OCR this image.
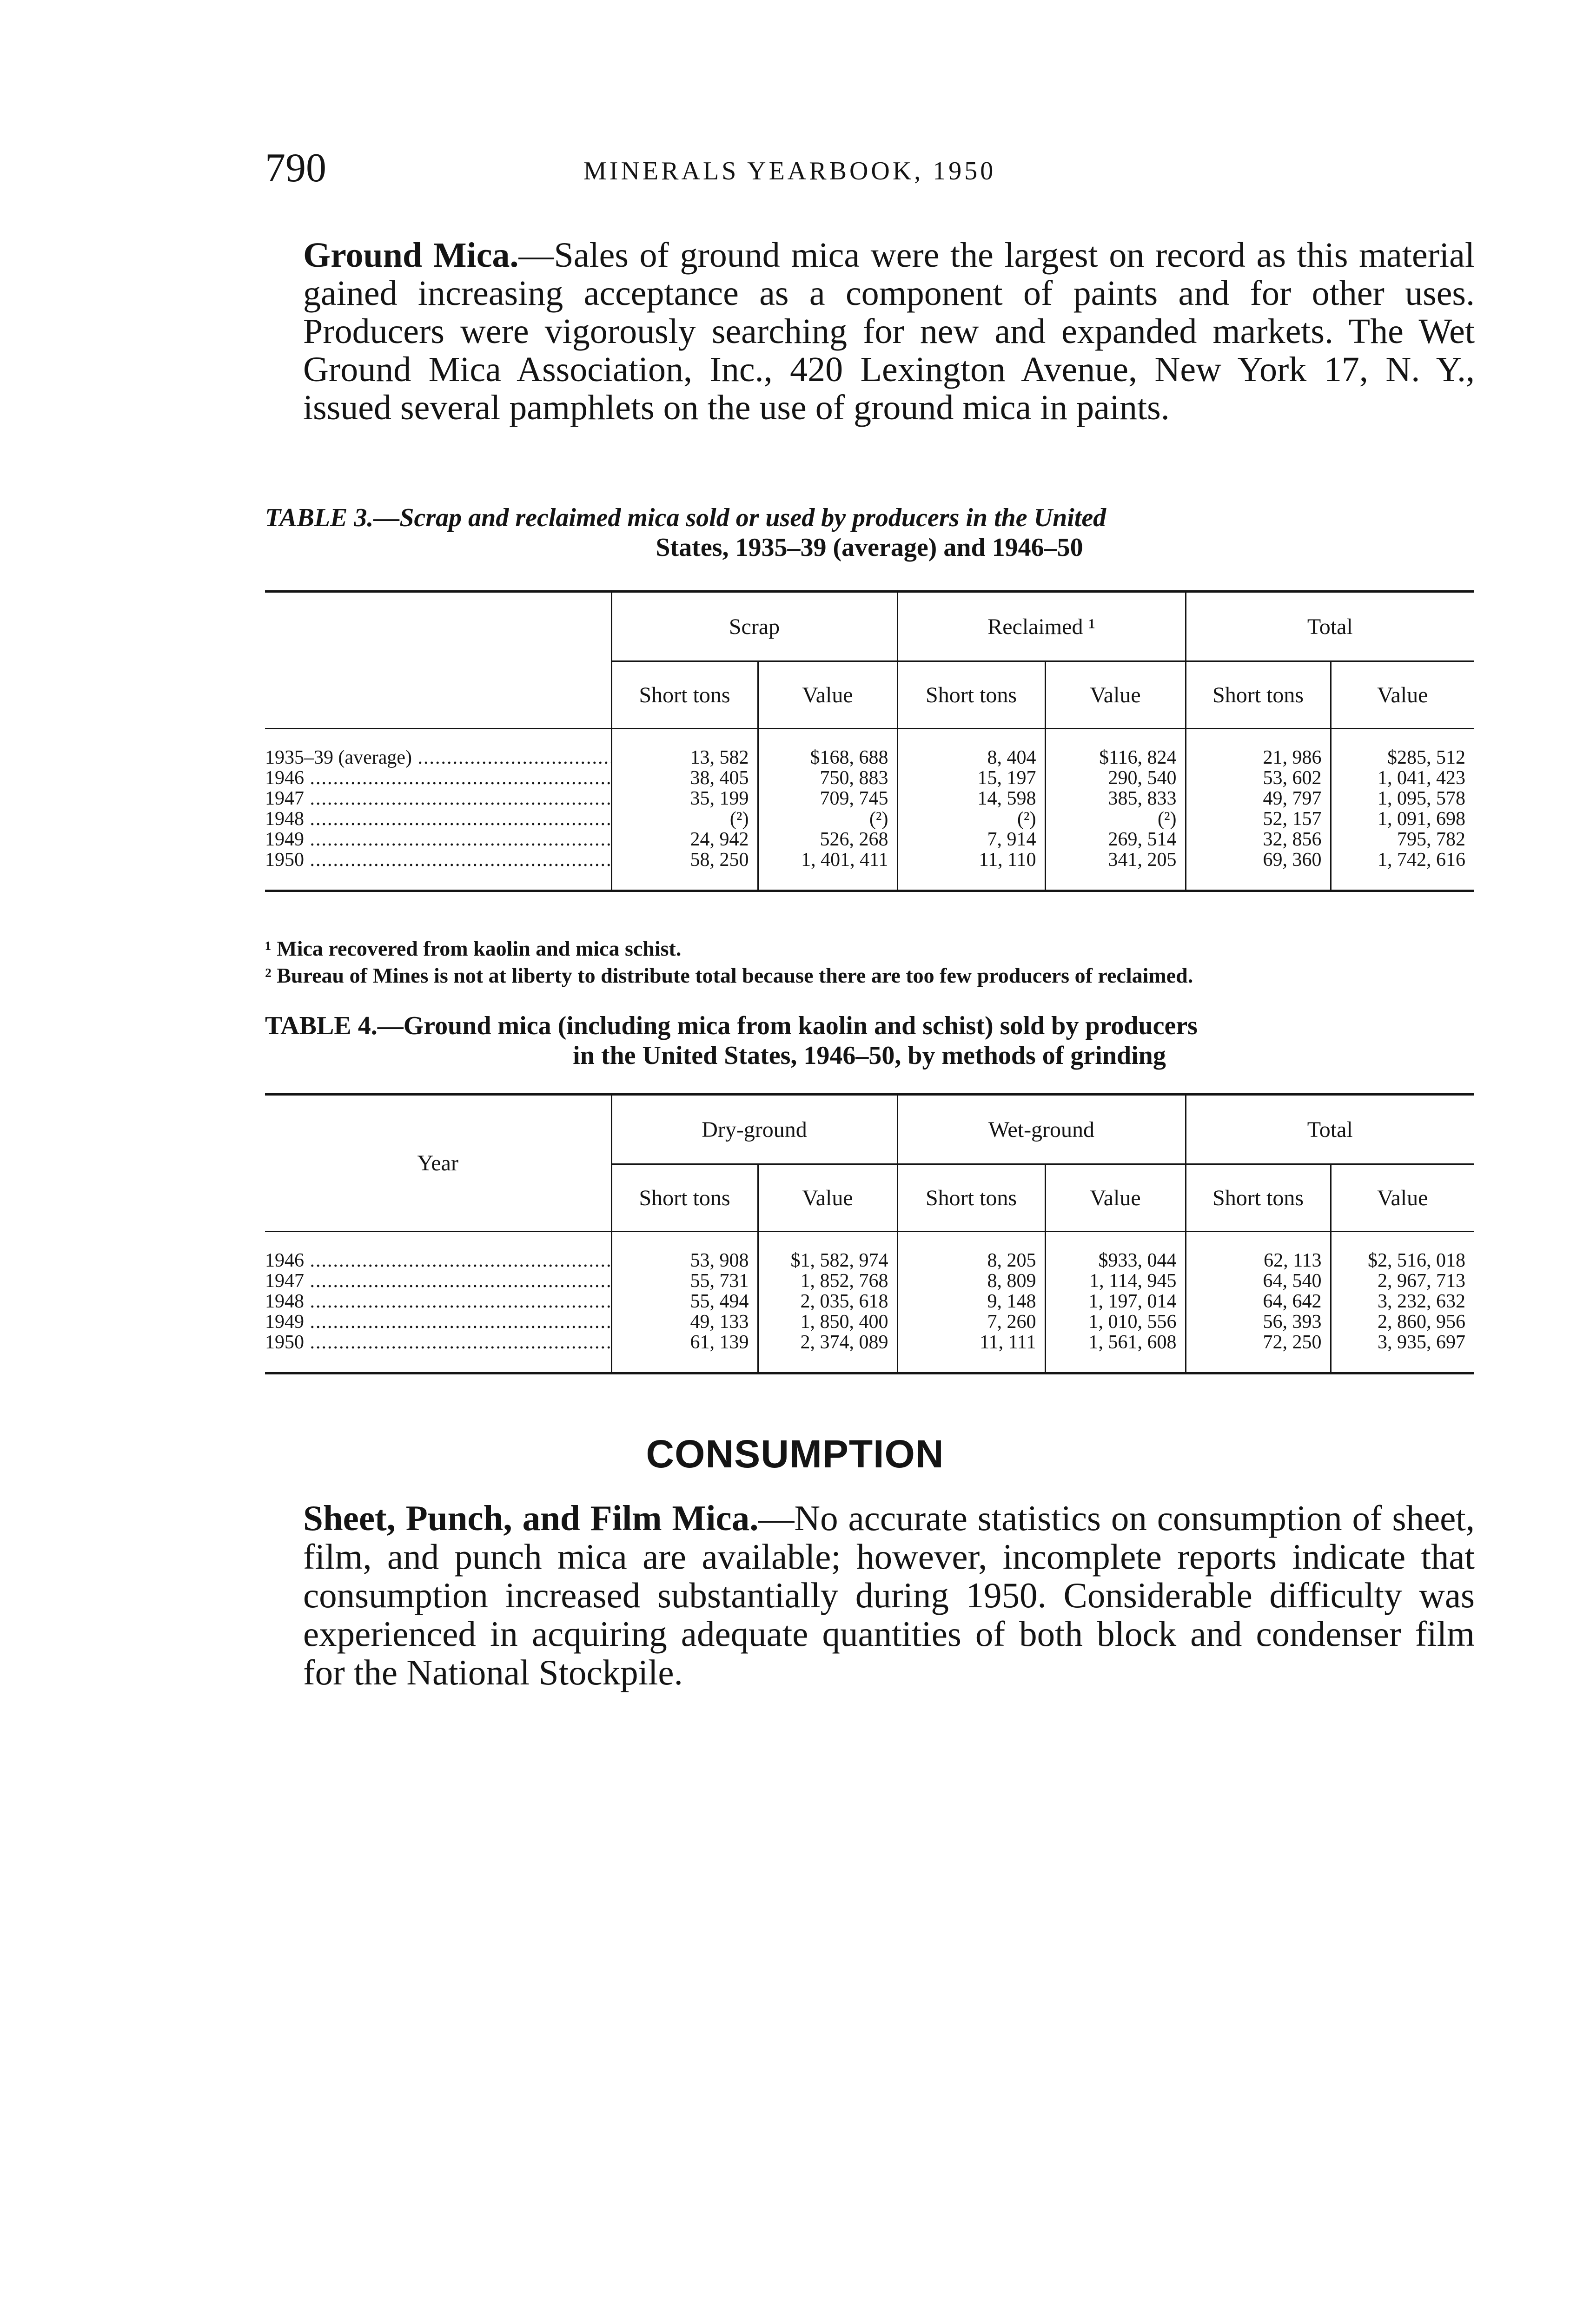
790	MINERALS YEARBOOK, 1950

Ground Mica.—Sales of ground mica were the largest on record as this material gained increasing acceptance as a component of paints and for other uses. Producers were vigorously searching for new and expanded markets. The Wet Ground Mica Association, Inc., 420 Lexington Avenue, New York 17, N. Y., issued several pamphlets on the use of ground mica in paints.

TABLE 3.—Scrap and reclaimed mica sold or used by producers in the United
States, 1935–39 (average) and 1946–50
	Scrap		Reclaimed ¹		Total	
	Short tons	Value	Short tons	Value	Short tons	Value

1935–39 (average) .....	13, 582	$168, 688	8, 404	$116, 824	21, 986	$285, 512
1946 .....	38, 405	750, 883	15, 197	290, 540	53, 602	1, 041, 423
1947 .....	35, 199	709, 745	14, 598	385, 833	49, 797	1, 095, 578
1948 .....	(²)	(²)	(²)	(²)	52, 157	1, 091, 698
1949 .....	24, 942	526, 268	7, 914	269, 514	32, 856	795, 782
1950 .....	58, 250	1, 401, 411	11, 110	341, 205	69, 360	1, 742, 616

¹ Mica recovered from kaolin and mica schist.
² Bureau of Mines is not at liberty to distribute total because there are too few producers of reclaimed.
TABLE 4.—Ground mica (including mica from kaolin and schist) sold by producers
in the United States, 1946–50, by methods of grinding
Year	Dry-ground		Wet-ground		Total	
	Short tons	Value	Short tons	Value	Short tons	Value

1946 .....	53, 908	$1, 582, 974	8, 205	$933, 044	62, 113	$2, 516, 018
1947 .....	55, 731	1, 852, 768	8, 809	1, 114, 945	64, 540	2, 967, 713
1948 .....	55, 494	2, 035, 618	9, 148	1, 197, 014	64, 642	3, 232, 632
1949 .....	49, 133	1, 850, 400	7, 260	1, 010, 556	56, 393	2, 860, 956
1950 .....	61, 139	2, 374, 089	11, 111	1, 561, 608	72, 250	3, 935, 697

CONSUMPTION

Sheet, Punch, and Film Mica.—No accurate statistics on consumption of sheet, film, and punch mica are available; however, incomplete reports indicate that consumption increased substantially during 1950. Considerable difficulty was experienced in acquiring adequate quantities of both block and condenser film for the National Stockpile.
